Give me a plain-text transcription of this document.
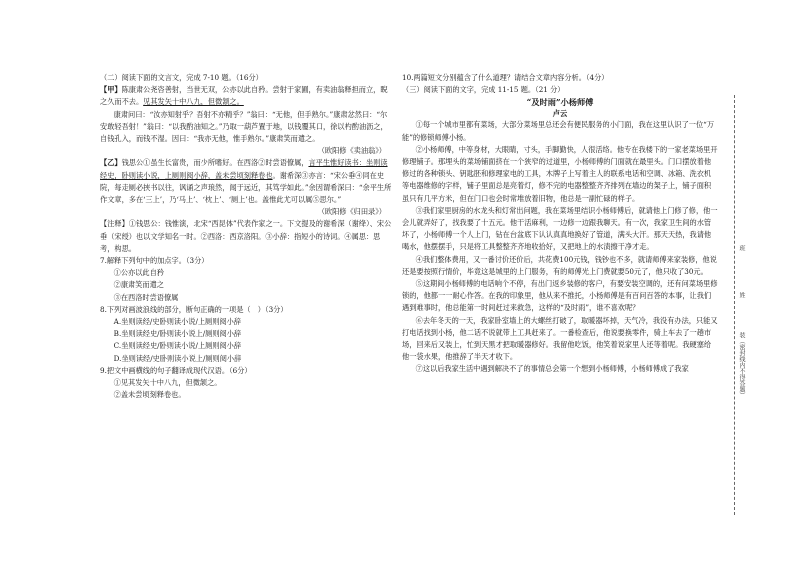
（二）阅读下面的文言文，完成 7-10 题。（16分）

【甲】陈康肃公尧咨善射，当世无双，公亦以此自矜。尝射于家圃，有卖油翁释担而立，睨之久而不去。见其发矢十中八九，但微颔之。

康肃问曰：“汝亦知射乎？吾射不亦精乎？”翁曰：“无他，但手熟尔。”康肃忿然曰：“尔安敢轻吾射！”翁曰：“以我酌油知之。”乃取一葫芦置于地，以钱覆其口，徐以杓酌油沥之，自钱孔入，而钱不湿。因曰：“我亦无他，惟手熟尔。”康肃笑而遣之。

（欧阳修《卖油翁》）

【乙】钱思公①虽生长富贵，而少所嗜好。在西洛②时尝语僚属，言平生惟好读书：坐则读经史，卧则读小说，上厕则阅小辞，盖未尝顷刻释卷也。谢希深③亦言：“宋公垂④同在史院，每走厕必挟书以往，讽诵之声琅然，闻于远近，其笃学如此。”余因谓希深曰：“余平生所作文章，多在‘三上’，乃‘马上’、‘枕上’、‘厕上’也。盖惟此尤可以属⑤思尔。”

（欧阳修《归田录》）

【注释】①钱思公：钱惟演，北宋“西昆体”代表作家之一。下文提及的谢希深（谢绛）、宋公垂（宋绶）也以文学知名一时。②西洛：西京洛阳。③小辞：指短小的诗词。④属思：思考，构思。

7.解释下列句中的加点字。（3分）

①公亦以此自矜

②康肃笑而遣之

③在西洛时尝语僚属

8.下列对画波浪线的部分，断句正确的一项是（　）（3分）

A.坐则读经/史卧则读小说/上厕则阅小辞

B.坐则读经史/卧则读小说上/厕则阅小辞

C.坐则读经史/卧则读小说/上厕则阅小辞

D.坐则读经/史卧则读小说上/厕则阅小辞

9.把文中画横线的句子翻译成现代汉语。（6分）

①见其发矢十中八九，但微颔之。

②盖未尝顷刻释卷也。

10.两篇短文分别蕴含了什么道理？请结合文章内容分析。（4分）

（三）阅读下面的文字，完成 11-15 题。（21 分）

“及时雨”小杨师傅

卢云

①每一个城市里都有菜场，大部分菜场里总还会有便民服务的小门面，我在这里认识了一位“万能”的修锁师傅小杨。

②小杨师傅，中等身材，大眼睛，寸头，手脚勤快，人很活络。他专在我楼下的一家老菜场里开修理铺子。那埋头的菜场铺面挤在一个狭窄的过道里，小杨师傅的门面就在最里头。门口摆放着他修过的各种锁头、钥匙胚和修理家电的工具，木牌子上写着主人的联系电话和空调、冰箱、洗衣机等电器维修的字样，铺子里面总是亮着灯，修不完的电器整整齐齐排列在墙边的架子上，铺子面积虽只有几平方米，但在门口也会时常堆放着旧物，他总是一副忙碌的样子。

③我们家里厨房的水龙头和灯常出问题，我在菜场里结识小杨师傅后，就请他上门修了修，他一会儿就弄好了，找我要了十五元。他干活麻利，一边修一边跟我聊天。有一次，我家卫生间的水管坏了，小杨师傅一个人上门，钻在台盆底下认认真真地换好了管道，满头大汗。那天天热，我请他喝水，他摆摆手，只是将工具整整齐齐地收拾好，又把地上的水渍擦干净才走。

④我们整体费用，又一番讨价还价后，共花费100元钱，钱钞也不多，就请师傅来家装修，他说还是要按照行情价，毕竟这是城里的上门服务，有的师傅光上门费就要50元了，他只收了30元。

⑤这期间小杨师傅的电话响个不停，有出门返乡装修的客户，有要安装空调的，还有问菜场里修锁的，他都一一耐心作答。在我的印象里，他从来不推托，小杨师傅是有百问百答的本事，让我们遇到难事时，他总能第一时间赶过来救急，这样的“及时雨”，谁不喜欢呢？

⑥去年冬天的一天，我家卧室墙上的大螺丝打破了，取暖器坏掉，天气冷，我没有办法，只能又打电话找到小杨，他二话不说就带上工具赶来了。一番检查后，他说要换零件，骑上车去了一趟市场，回来后又装上，忙到天黑才把取暖器修好。我留他吃饭，他笑着说家里人还等着呢。我硬塞给他一袋水果，他推辞了半天才收下。

⑦这以后我家生活中遇到解决不了的事情总会第一个想到小杨师傅，小杨师傅成了我家

班
姓
装（密封线内不得答题）
